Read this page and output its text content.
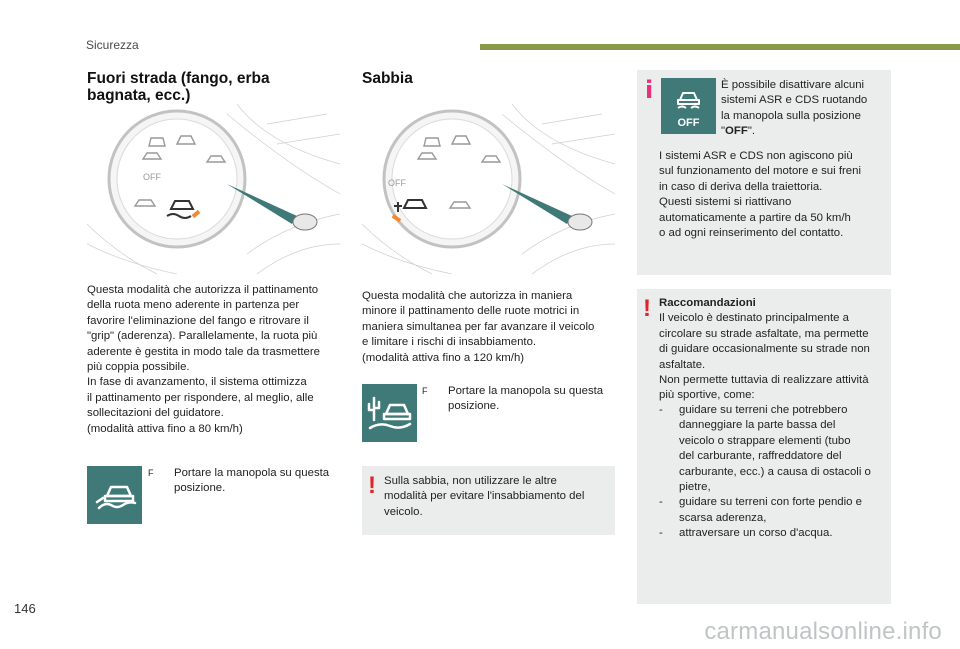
Sicurezza
Fuori strada (fango, erba
bagnata, ecc.)
OFF
Questa modalità che autorizza il pattinamento
della ruota meno aderente in partenza per
favorire l'eliminazione del fango e ritrovare il
"grip" (aderenza). Parallelamente, la ruota più
aderente è gestita in modo tale da trasmettere
più coppia possibile.
In fase di avanzamento, il sistema ottimizza
il pattinamento per rispondere, al meglio, alle
sollecitazioni del guidatore.
(modalità attiva fino a 80 km/h)
F Portare la manopola su questa
posizione.
Sabbia
OFF
Questa modalità che autorizza in maniera
minore il pattinamento delle ruote motrici in
maniera simultanea per far avanzare il veicolo
e limitare i rischi di insabbiamento.
(modalità attiva fino a 120 km/h)
F Portare la manopola su questa
posizione.
! Sulla sabbia, non utilizzare le altre
modalità per evitare l'insabbiamento del
veicolo.
i
OFF
È possibile disattivare alcuni
sistemi ASR e CDS ruotando
la manopola sulla posizione
"OFF".
I sistemi ASR e CDS non agiscono più
sul funzionamento del motore e sui freni
in caso di deriva della traiettoria.
Questi sistemi si riattivano
automaticamente a partire da 50 km/h
o ad ogni reinserimento del contatto.
! Raccomandazioni
Il veicolo è destinato principalmente a
circolare su strade asfaltate, ma permette
di guidare occasionalmente su strade non
asfaltate.
Non permette tuttavia di realizzare attività
più sportive, come:
- guidare su terreni che potrebbero
danneggiare la parte bassa del
veicolo o strappare elementi (tubo
del carburante, raffreddatore del
carburante, ecc.) a causa di ostacoli o
pietre,
- guidare su terreni con forte pendio e
scarsa aderenza,
- attraversare un corso d'acqua.
146
carmanualsonline.info
